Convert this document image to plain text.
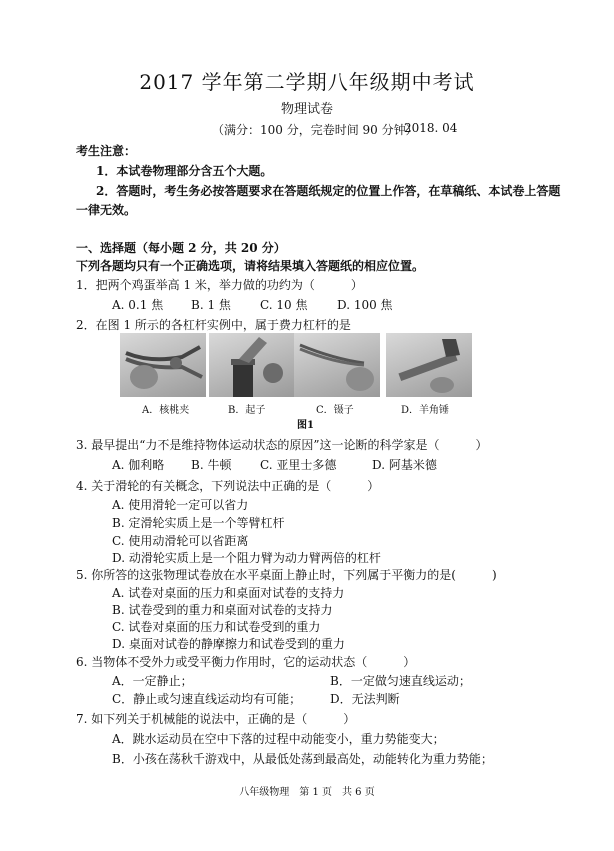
2017 学年第二学期八年级期中考试
物理试卷
（满分：100 分，完卷时间 90 分钟）
2018. 04
考生注意：
1．本试卷物理部分含五个大题。
2．答题时，考生务必按答题要求在答题纸规定的位置上作答，在草稿纸、本试卷上答题
一律无效。
一、选择题（每小题 2 分，共 20 分）
下列各题均只有一个正确选项，请将结果填入答题纸的相应位置。
1．把两个鸡蛋举高 1 米，举力做的功约为（　　　）
A. 0.1 焦 B. 1 焦 C. 10 焦 D. 100 焦
2．在图 1 所示的各杠杆实例中，属于费力杠杆的是
A．核桃夹	B．起子	C．镊子	D．羊角锤
图1
3. 最早提出“力不是维持物体运动状态的原因”这一论断的科学家是（　　　）
A. 伽利略 B. 牛顿 C. 亚里士多德	D. 阿基米德
4. 关于滑轮的有关概念，下列说法中正确的是（　　　）
A. 使用滑轮一定可以省力
B. 定滑轮实质上是一个等臂杠杆
C. 使用动滑轮可以省距离
D. 动滑轮实质上是一个阻力臂为动力臂两倍的杠杆
5. 你所答的这张物理试卷放在水平桌面上静止时，下列属于平衡力的是(　　　)
A. 试卷对桌面的压力和桌面对试卷的支持力
B. 试卷受到的重力和桌面对试卷的支持力
C. 试卷对桌面的压力和试卷受到的重力
D. 桌面对试卷的静摩擦力和试卷受到的重力
6. 当物体不受外力或受平衡力作用时，它的运动状态（　　　）
A．一定静止；	B．一定做匀速直线运动；
C．静止或匀速直线运动均有可能； D．无法判断
7. 如下列关于机械能的说法中，正确的是（　　　）
A．跳水运动员在空中下落的过程中动能变小，重力势能变大；
B．小孩在荡秋千游戏中，从最低处荡到最高处，动能转化为重力势能；
八年级物理　第 1 页　共 6 页
